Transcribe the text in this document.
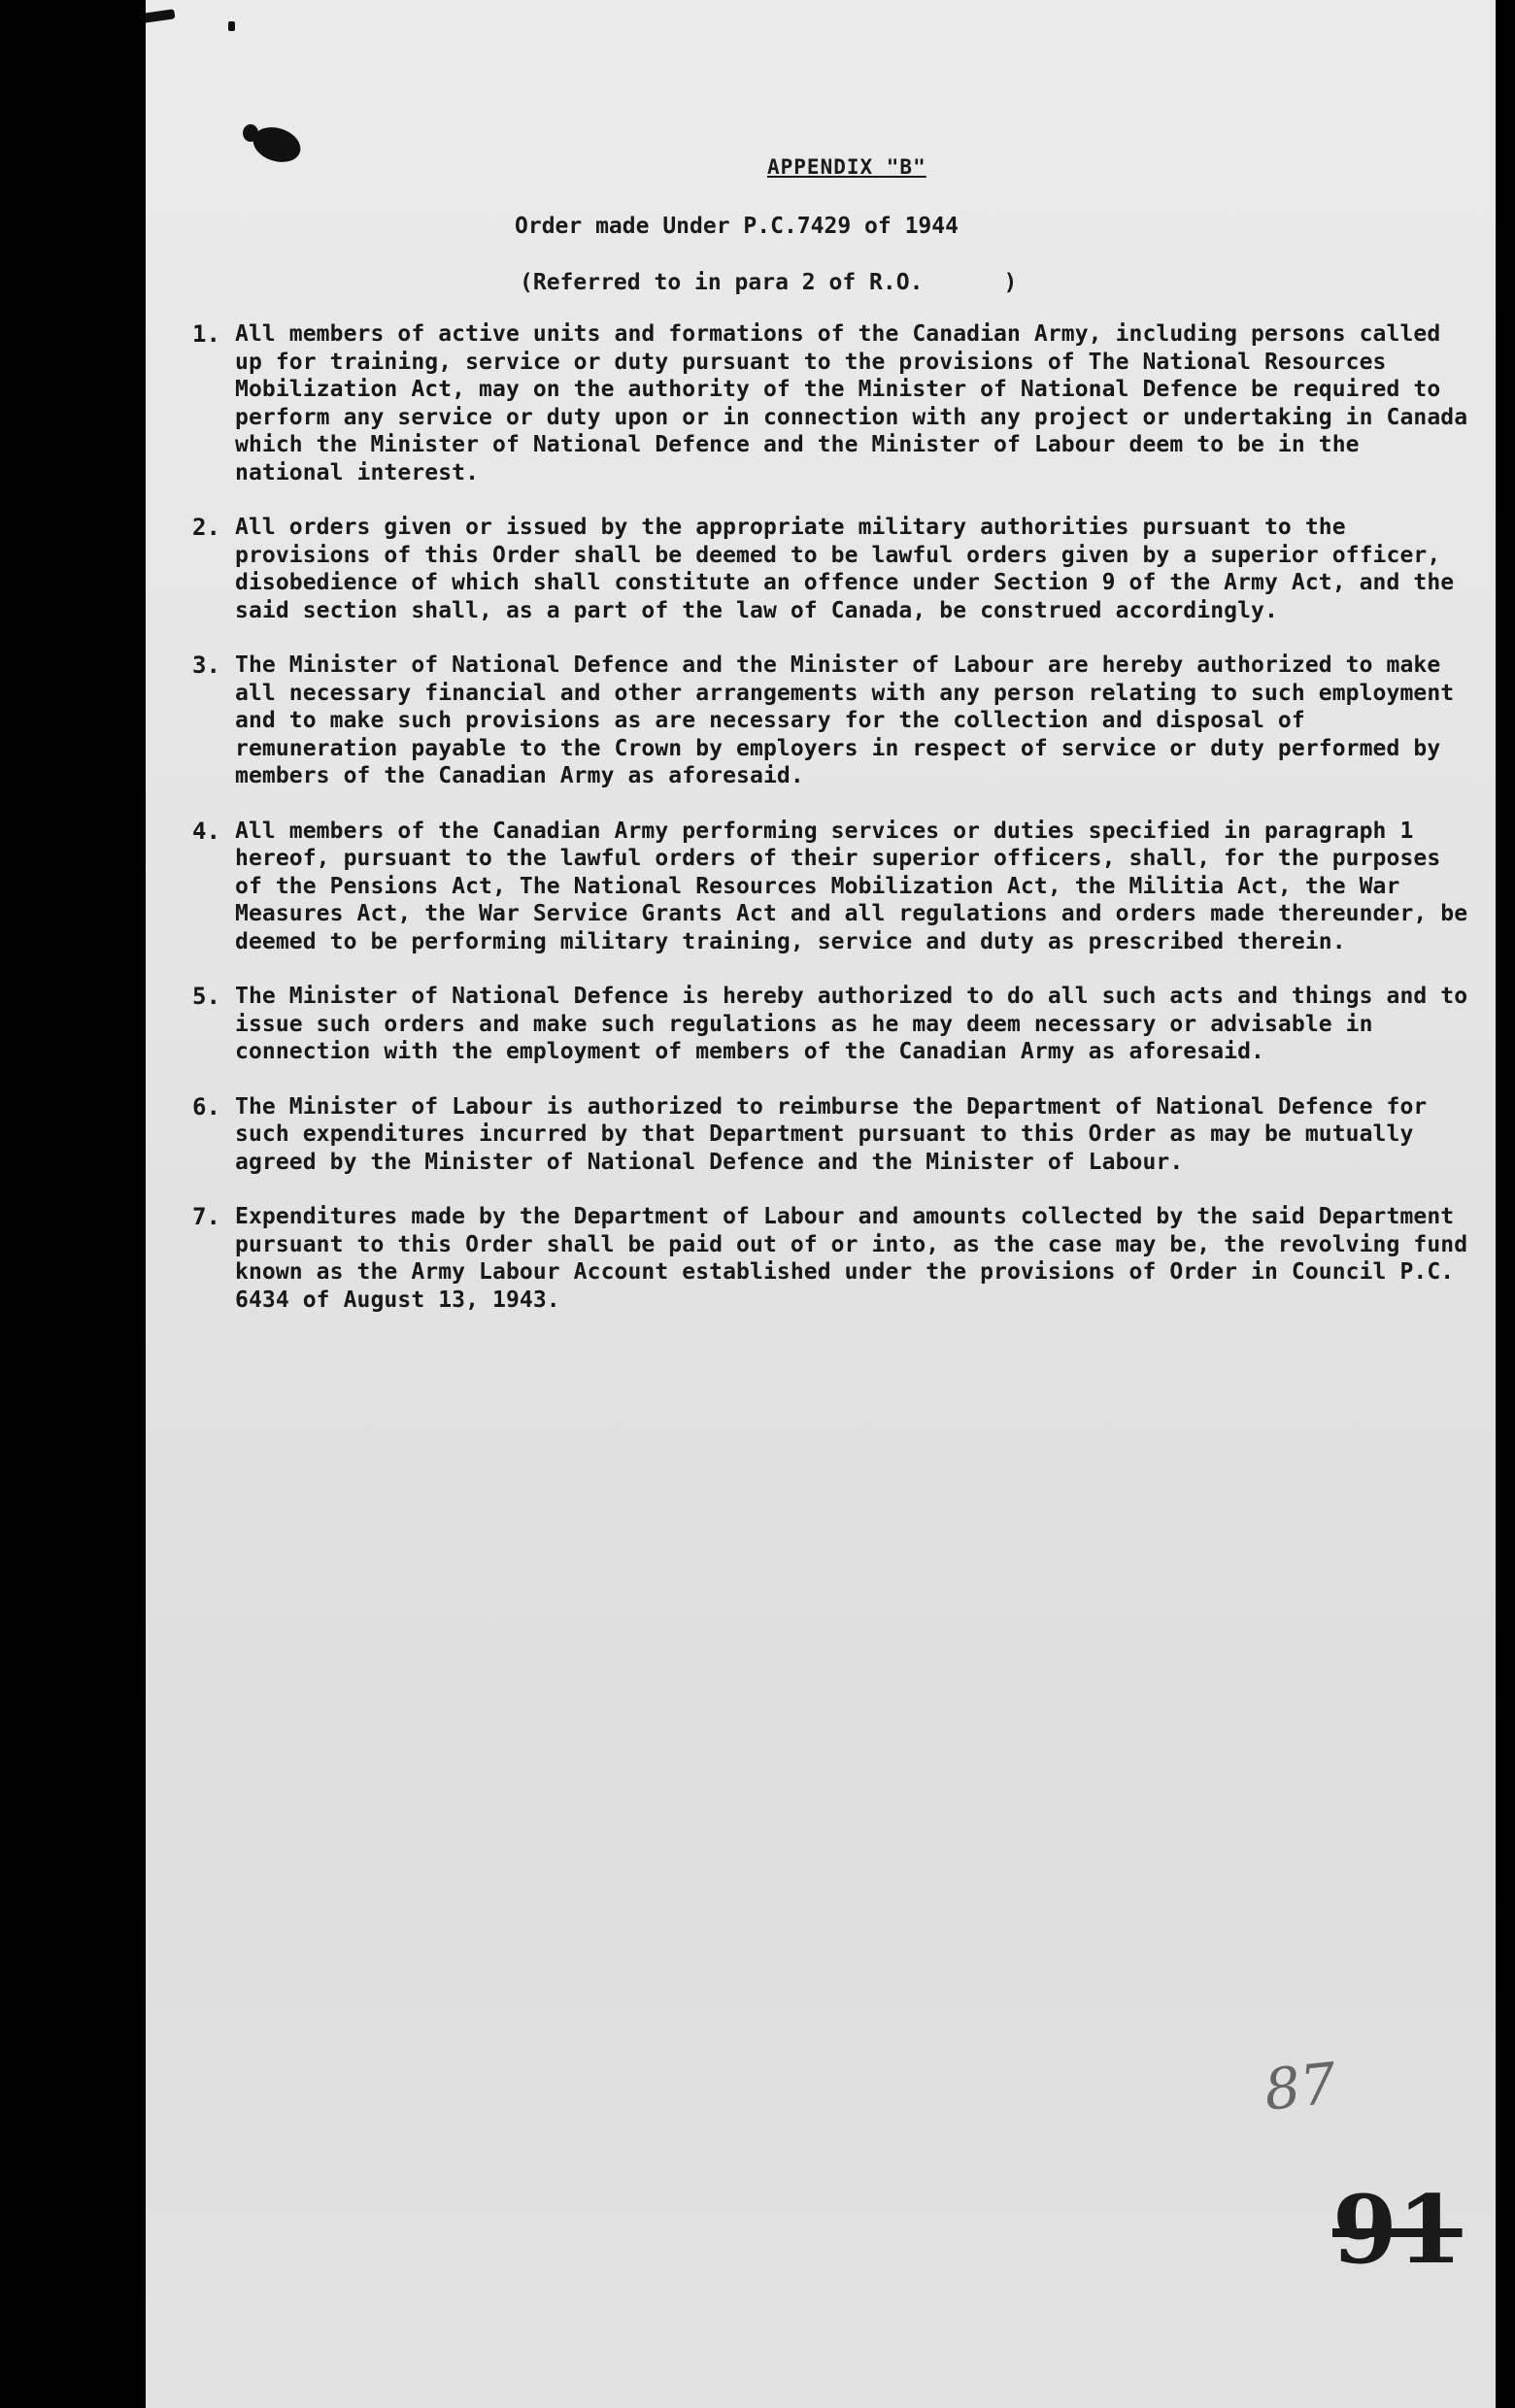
APPENDIX "B"
Order made Under P.C.7429 of 1944
(Referred to in para 2 of R.O.      )
1. All members of active units and formations of the Canadian Army, including persons called up for training, service or duty pursuant to the provisions of The National Resources Mobilization Act, may on the authority of the Minister of National Defence be required to perform any service or duty upon or in connection with any project or undertaking in Canada which the Minister of National Defence and the Minister of Labour deem to be in the national interest.
2. All orders given or issued by the appropriate military authorities pursuant to the provisions of this Order shall be deemed to be lawful orders given by a superior officer, disobedience of which shall constitute an offence under Section 9 of the Army Act, and the said section shall, as a part of the law of Canada, be construed accordingly.
3. The Minister of National Defence and the Minister of Labour are hereby authorized to make all necessary financial and other arrangements with any person relating to such employment and to make such provisions as are necessary for the collection and disposal of remuneration payable to the Crown by employers in respect of service or duty performed by members of the Canadian Army as aforesaid.
4. All members of the Canadian Army performing services or duties specified in paragraph 1 hereof, pursuant to the lawful orders of their superior officers, shall, for the purposes of the Pensions Act, The National Resources Mobilization Act, the Militia Act, the War Measures Act, the War Service Grants Act and all regulations and orders made thereunder, be deemed to be performing military training, service and duty as prescribed therein.
5. The Minister of National Defence is hereby authorized to do all such acts and things and to issue such orders and make such regulations as he may deem necessary or advisable in connection with the employment of members of the Canadian Army as aforesaid.
6. The Minister of Labour is authorized to reimburse the Department of National Defence for such expenditures incurred by that Department pursuant to this Order as may be mutually agreed by the Minister of National Defence and the Minister of Labour.
7. Expenditures made by the Department of Labour and amounts collected by the said Department pursuant to this Order shall be paid out of or into, as the case may be, the revolving fund known as the Army Labour Account established under the provisions of Order in Council P.C. 6434 of August 13, 1943.
87
91
